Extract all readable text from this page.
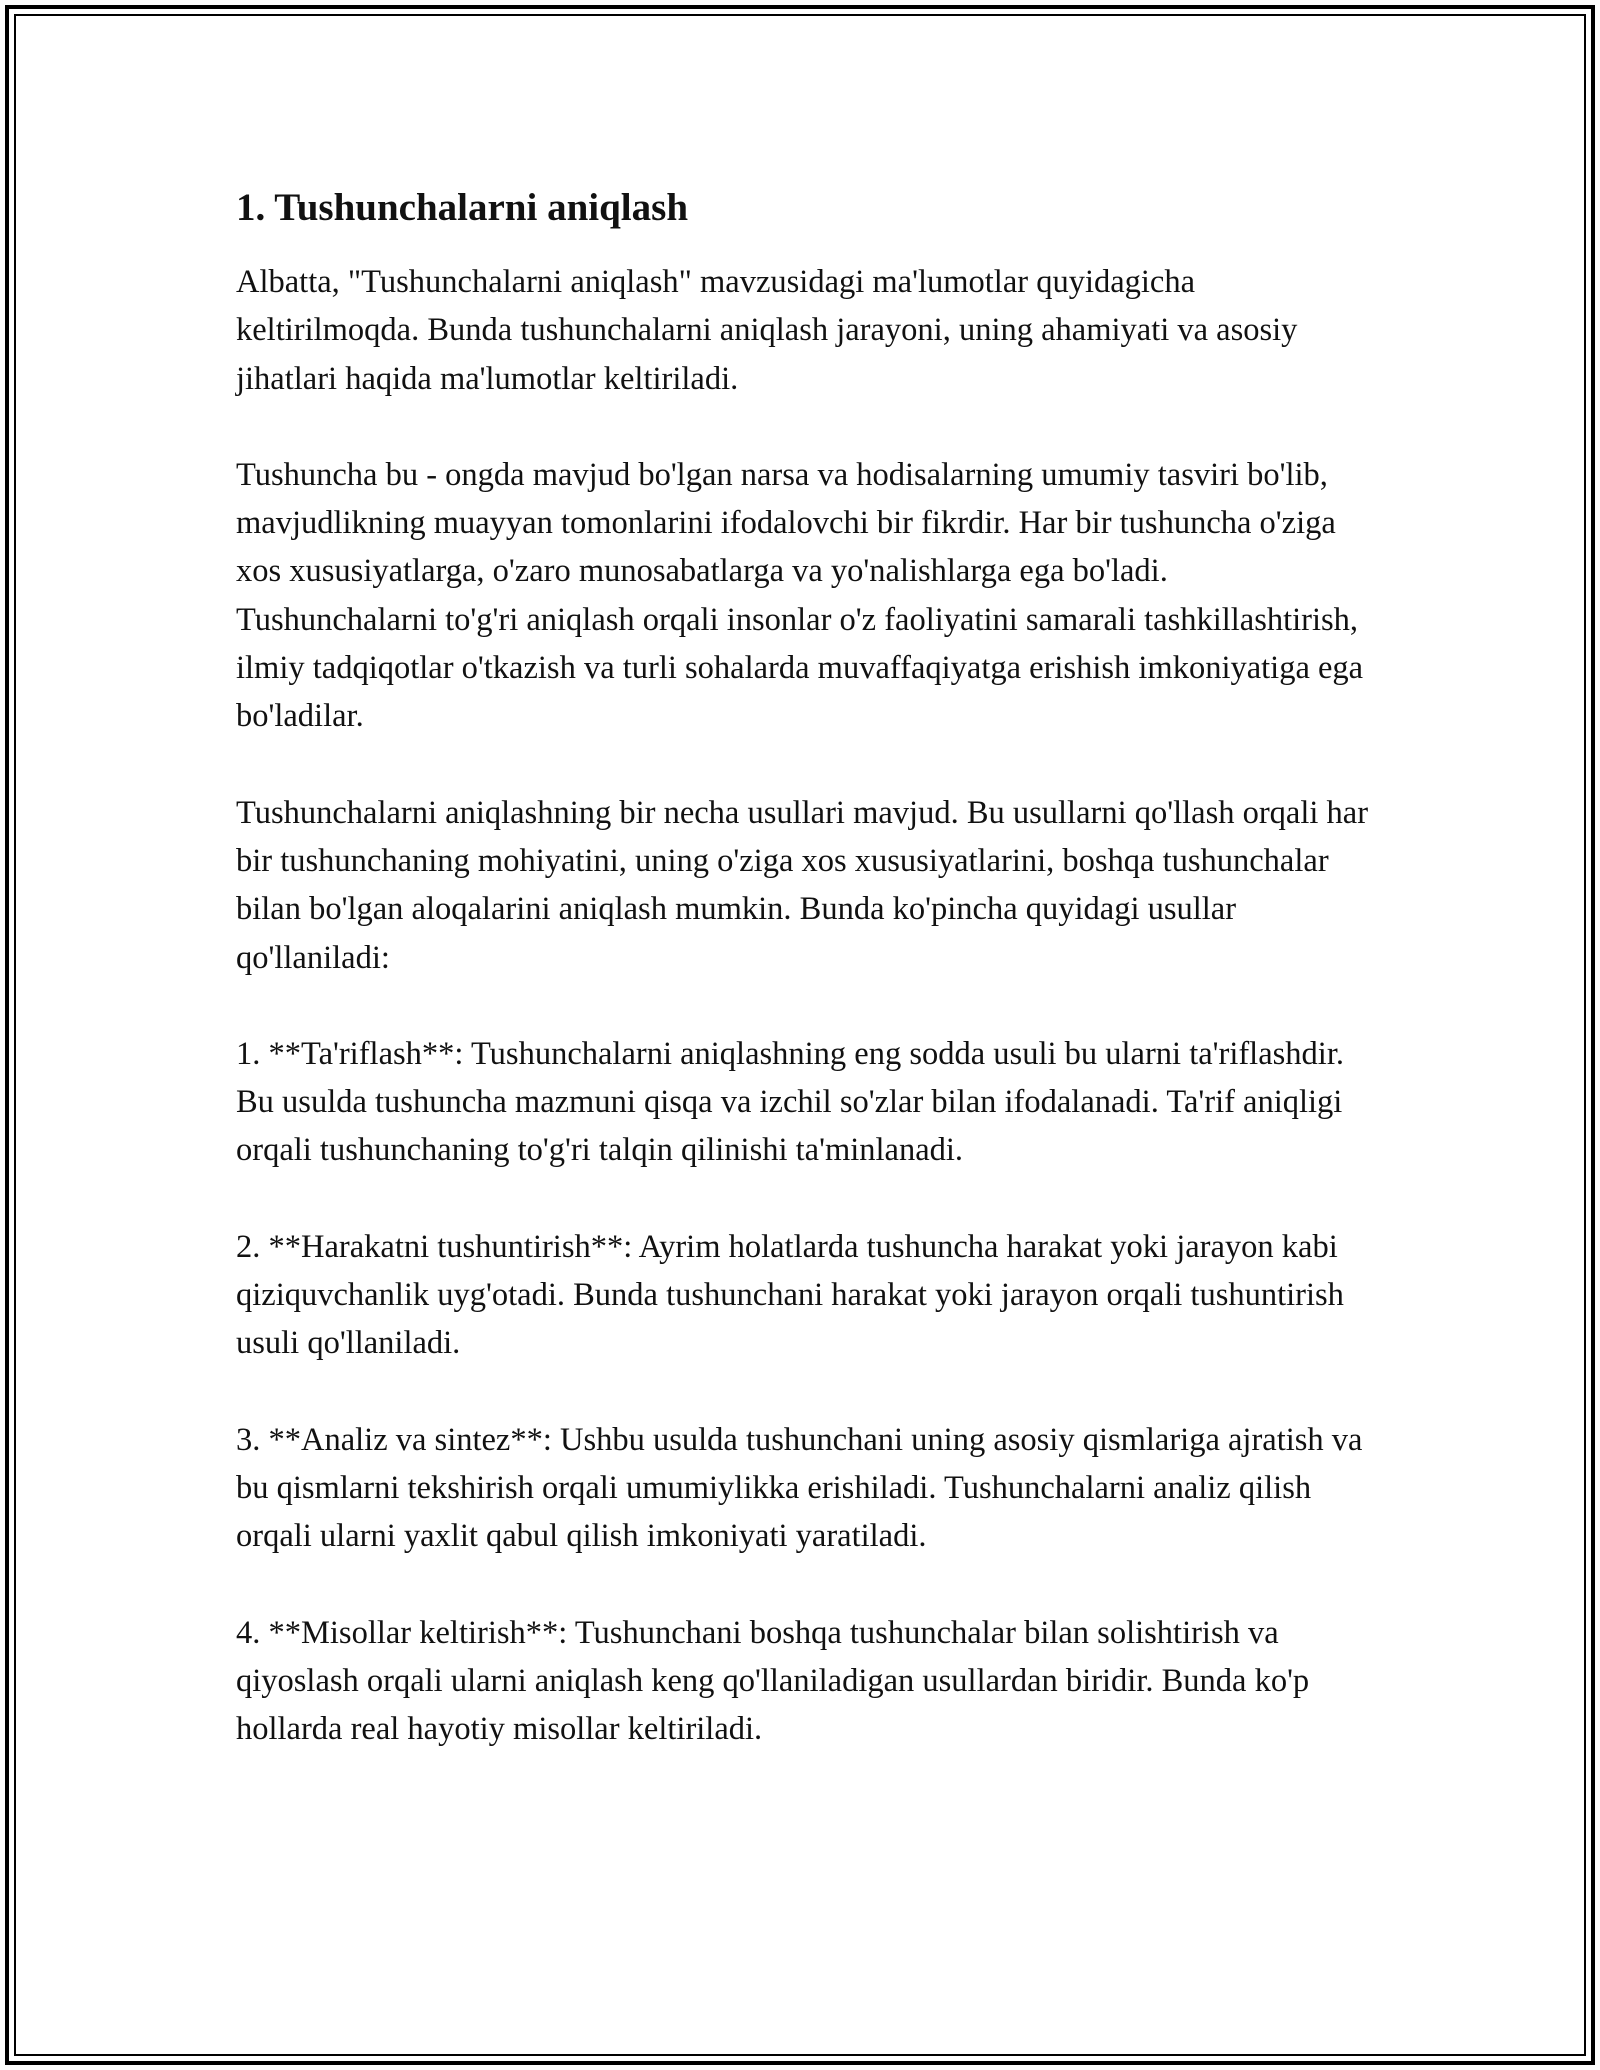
1. Tushunchalarni aniqlash

Albatta, "Tushunchalarni aniqlash" mavzusidagi ma'lumotlar quyidagicha keltirilmoqda. Bunda tushunchalarni aniqlash jarayoni, uning ahamiyati va asosiy jihatlari haqida ma'lumotlar keltiriladi.

Tushuncha bu - ongda mavjud bo'lgan narsa va hodisalarning umumiy tasviri bo'lib, mavjudlikning muayyan tomonlarini ifodalovchi bir fikrdir. Har bir tushuncha o'ziga xos xususiyatlarga, o'zaro munosabatlarga va yo'nalishlarga ega bo'ladi. Tushunchalarni to'g'ri aniqlash orqali insonlar o'z faoliyatini samarali tashkillashtirish, ilmiy tadqiqotlar o'tkazish va turli sohalarda muvaffaqiyatga erishish imkoniyatiga ega bo'ladilar.

Tushunchalarni aniqlashning bir necha usullari mavjud. Bu usullarni qo'llash orqali har bir tushunchaning mohiyatini, uning o'ziga xos xususiyatlarini, boshqa tushunchalar bilan bo'lgan aloqalarini aniqlash mumkin. Bunda ko'pincha quyidagi usullar qo'llaniladi:

1. **Ta'riflash**: Tushunchalarni aniqlashning eng sodda usuli bu ularni ta'riflashdir. Bu usulda tushuncha mazmuni qisqa va izchil so'zlar bilan ifodalanadi. Ta'rif aniqligi orqali tushunchaning to'g'ri talqin qilinishi ta'minlanadi.

2. **Harakatni tushuntirish**: Ayrim holatlarda tushuncha harakat yoki jarayon kabi qiziquvchanlik uyg'otadi. Bunda tushunchani harakat yoki jarayon orqali tushuntirish usuli qo'llaniladi.

3. **Analiz va sintez**: Ushbu usulda tushunchani uning asosiy qismlariga ajratish va bu qismlarni tekshirish orqali umumiylikka erishiladi. Tushunchalarni analiz qilish orqali ularni yaxlit qabul qilish imkoniyati yaratiladi.

4. **Misollar keltirish**: Tushunchani boshqa tushunchalar bilan solishtirish va qiyoslash orqali ularni aniqlash keng qo'llaniladigan usullardan biridir. Bunda ko'p hollarda real hayotiy misollar keltiriladi.
